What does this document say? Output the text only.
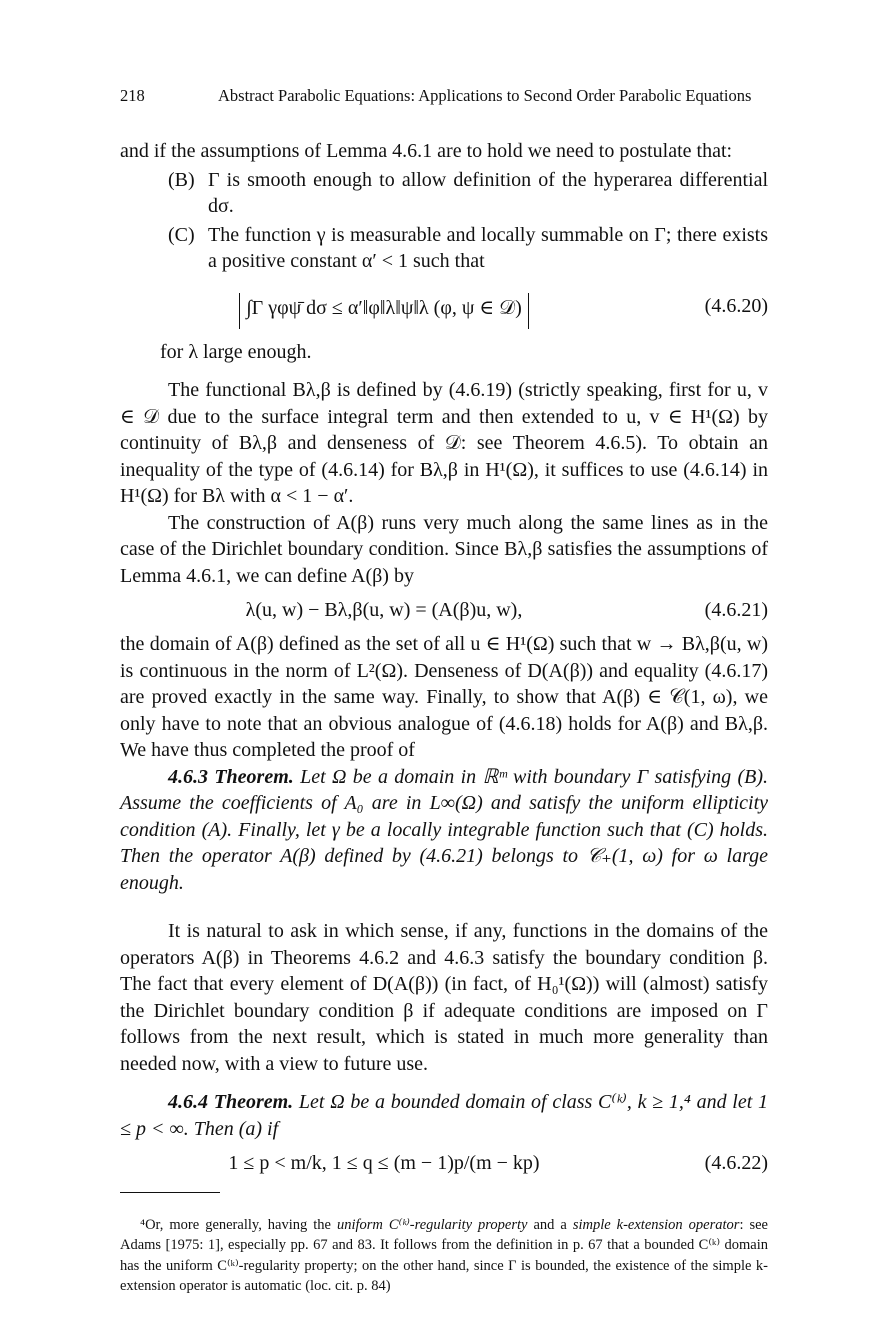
218	Abstract Parabolic Equations: Applications to Second Order Parabolic Equations

and if the assumptions of Lemma 4.6.1 are to hold we need to postulate that:

(B) Γ is smooth enough to allow definition of the hyperarea differential dσ.

(C) The function γ is measurable and locally summable on Γ; there exists a positive constant α′ < 1 such that

∫Γ γφψ̄ dσ ≤ α′‖φ‖λ‖ψ‖λ (φ, ψ ∈ 𝒟)	(4.6.20)

for λ large enough.

The functional Bλ,β is defined by (4.6.19) (strictly speaking, first for u, v ∈ 𝒟 due to the surface integral term and then extended to u, v ∈ H¹(Ω) by continuity of Bλ,β and denseness of 𝒟: see Theorem 4.6.5). To obtain an inequality of the type of (4.6.14) for Bλ,β in H¹(Ω), it suffices to use (4.6.14) in H¹(Ω) for Bλ with α < 1 − α′.

The construction of A(β) runs very much along the same lines as in the case of the Dirichlet boundary condition. Since Bλ,β satisfies the assumptions of Lemma 4.6.1, we can define A(β) by

λ(u, w) − Bλ,β(u, w) = (A(β)u, w),	(4.6.21)

the domain of A(β) defined as the set of all u ∈ H¹(Ω) such that w → Bλ,β(u, w) is continuous in the norm of L²(Ω). Denseness of D(A(β)) and equality (4.6.17) are proved exactly in the same way. Finally, to show that A(β) ∈ 𝒞(1, ω), we only have to note that an obvious analogue of (4.6.18) holds for A(β) and Bλ,β. We have thus completed the proof of

4.6.3 Theorem. Let Ω be a domain in ℝᵐ with boundary Γ satisfying (B). Assume the coefficients of A₀ are in L∞(Ω) and satisfy the uniform ellipticity condition (A). Finally, let γ be a locally integrable function such that (C) holds. Then the operator A(β) defined by (4.6.21) belongs to 𝒞₊(1, ω) for ω large enough.

It is natural to ask in which sense, if any, functions in the domains of the operators A(β) in Theorems 4.6.2 and 4.6.3 satisfy the boundary condition β. The fact that every element of D(A(β)) (in fact, of H₀¹(Ω)) will (almost) satisfy the Dirichlet boundary condition β if adequate conditions are imposed on Γ follows from the next result, which is stated in much more generality than needed now, with a view to future use.

4.6.4 Theorem. Let Ω be a bounded domain of class C⁽ᵏ⁾, k ≥ 1,⁴ and let 1 ≤ p < ∞. Then (a) if

1 ≤ p < m/k, 1 ≤ q ≤ (m − 1)p/(m − kp)	(4.6.22)

⁴Or, more generally, having the uniform C⁽ᵏ⁾-regularity property and a simple k-extension operator: see Adams [1975: 1], especially pp. 67 and 83. It follows from the definition in p. 67 that a bounded C⁽ᵏ⁾ domain has the uniform C⁽ᵏ⁾-regularity property; on the other hand, since Γ is bounded, the existence of the simple k-extension operator is automatic (loc. cit. p. 84)
